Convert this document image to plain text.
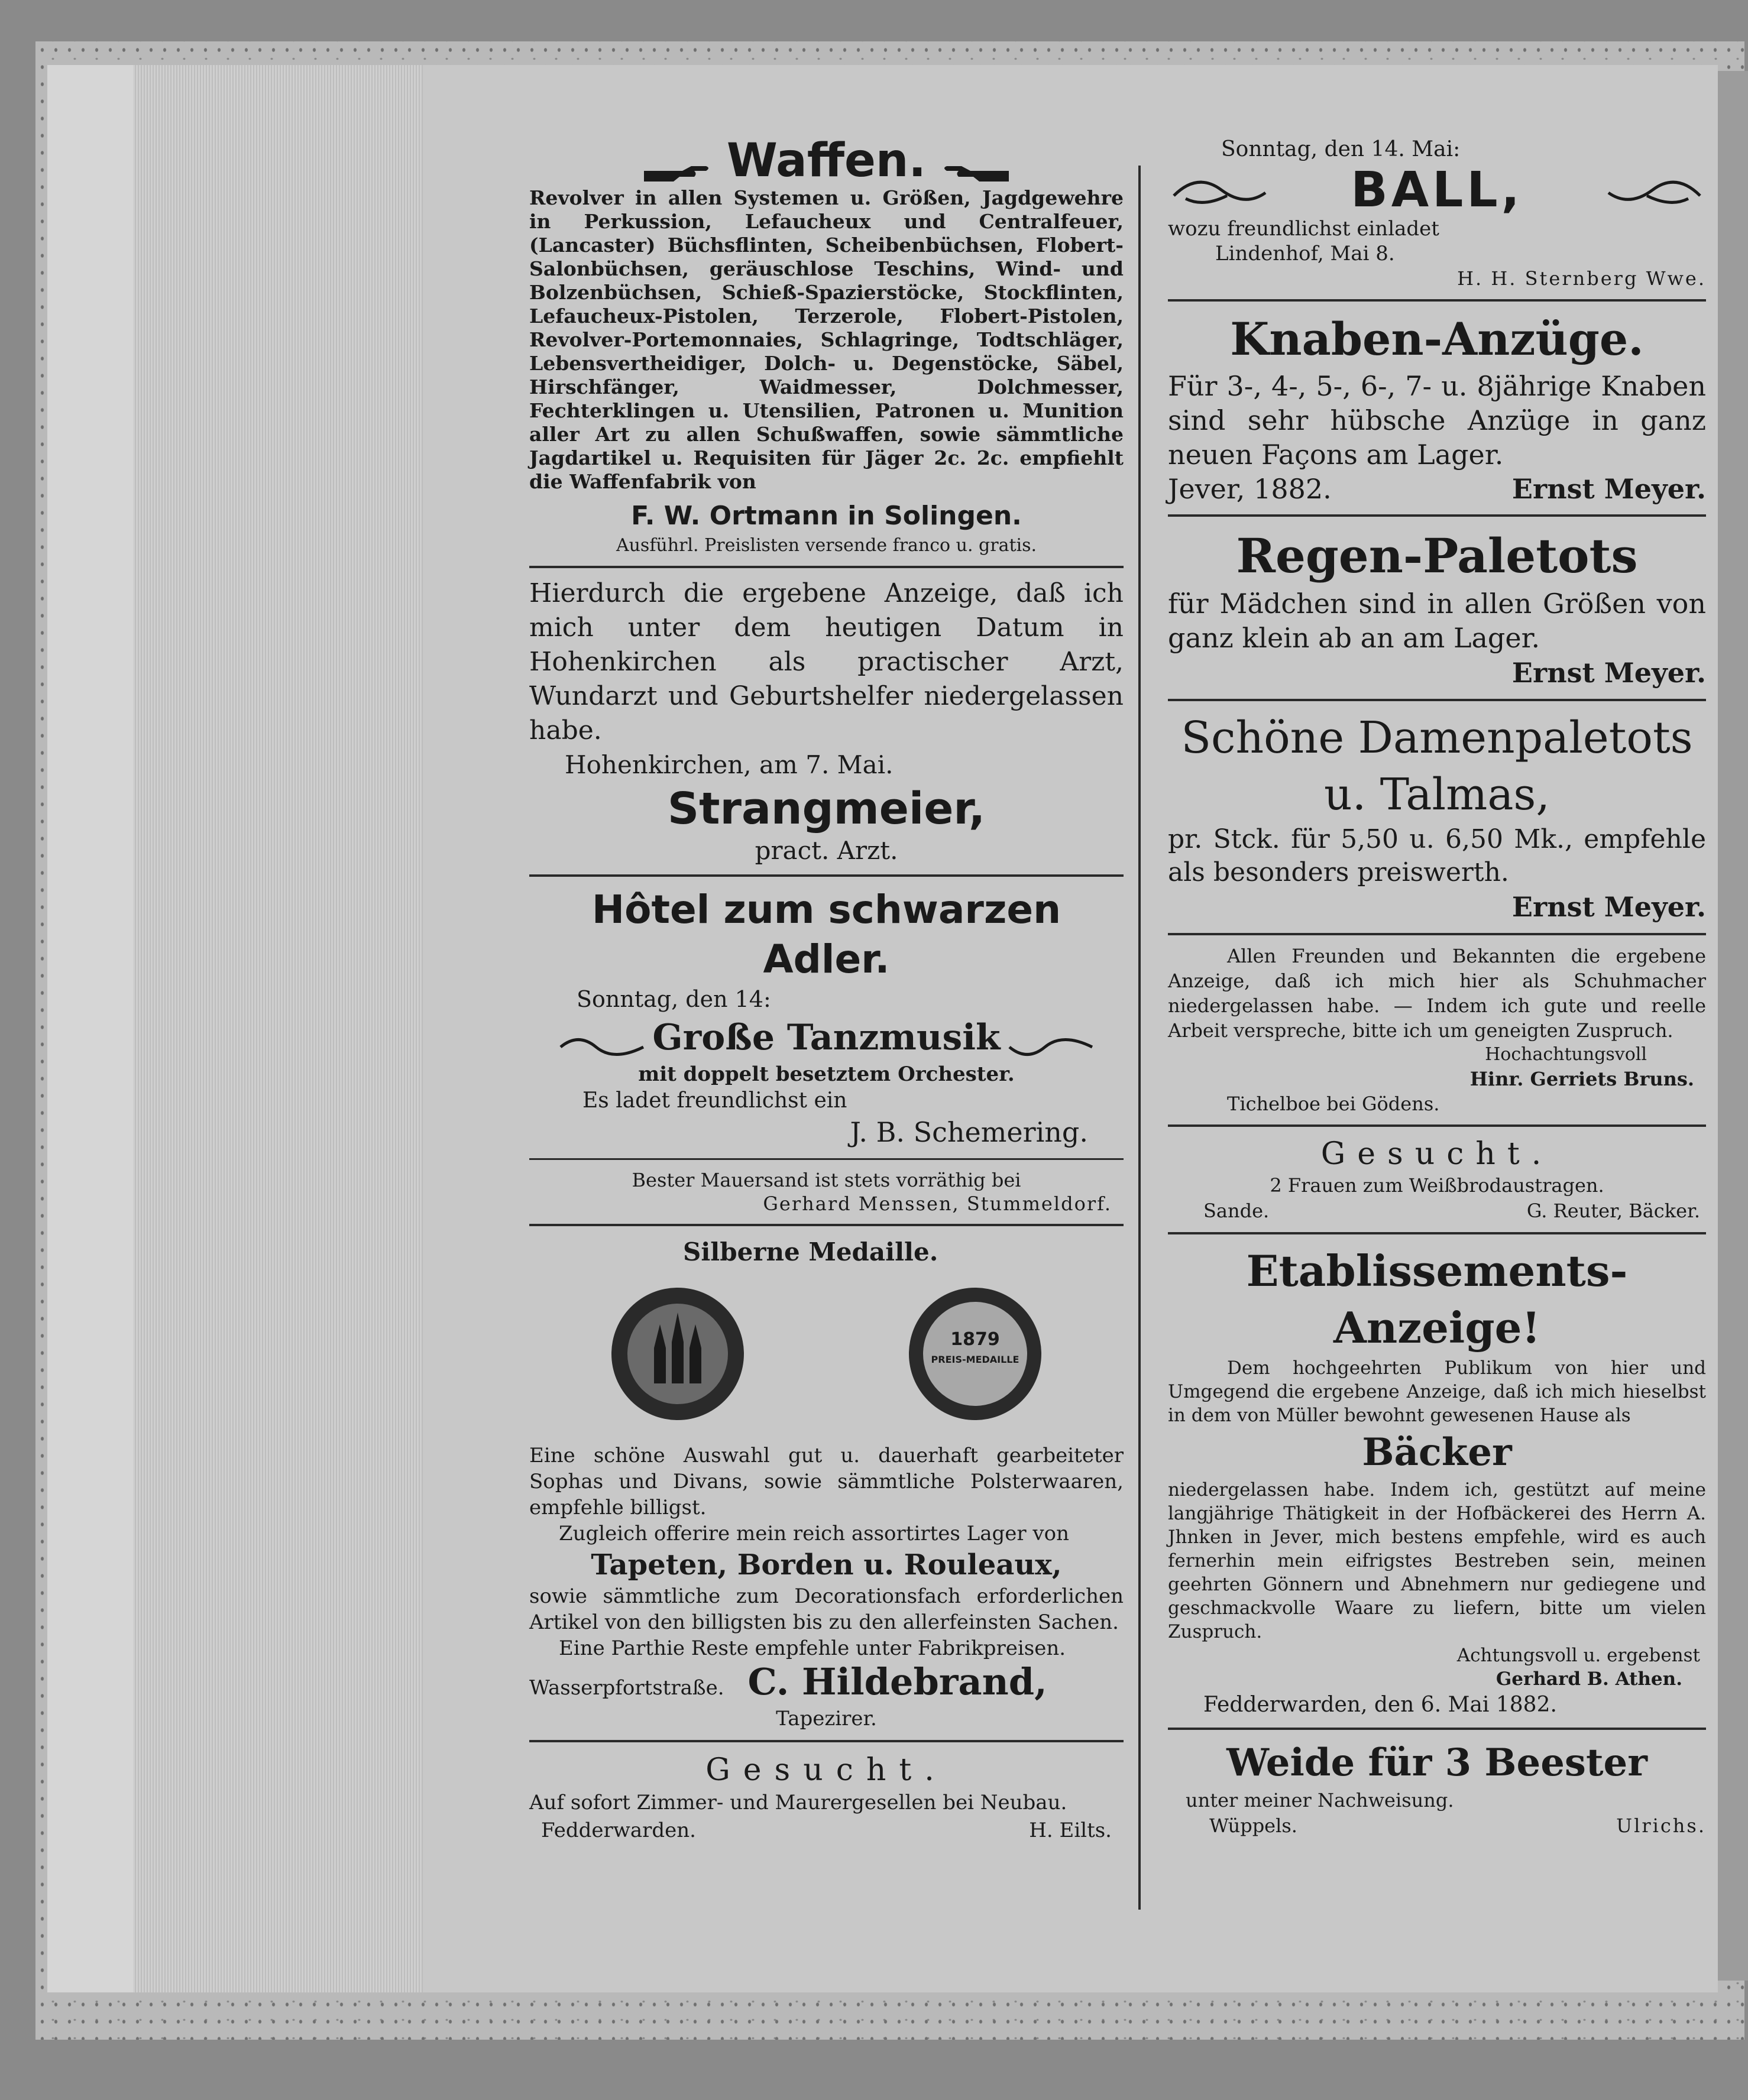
Waffen.

Revolver in allen Systemen u. Größen, Jagdgewehre in Perkussion, Lefaucheux und Centralfeuer, (Lancaster) Büchsflinten, Scheibenbüchsen, Flobert-Salonbüchsen, geräuschlose Teschins, Wind- und Bolzenbüchsen, Schieß-Spazierstöcke, Stockflinten, Lefaucheux-Pistolen, Terzerole, Flobert-Pistolen, Revolver-Portemonnaies, Schlagringe, Todtschläger, Lebensvertheidiger, Dolch- u. Degenstöcke, Säbel, Hirschfänger, Waidmesser, Dolchmesser, Fechterklingen u. Utensilien, Patronen u. Munition aller Art zu allen Schußwaffen, sowie sämmtliche Jagdartikel u. Requisiten für Jäger 2c. 2c. empfiehlt die Waffenfabrik von

F. W. Ortmann in Solingen.

Ausführl. Preislisten versende franco u. gratis.

Hierdurch die ergebene Anzeige, daß ich mich unter dem heutigen Datum in Hohenkirchen als practischer Arzt, Wundarzt und Geburtshelfer niedergelassen habe.

Hohenkirchen, am 7. Mai.

Strangmeier,

pract. Arzt.

Hôtel zum schwarzen Adler.

Sonntag, den 14:

Große Tanzmusik

mit doppelt besetztem Orchester.

Es ladet freundlichst ein

J. B. Schemering.

Bester Mauersand ist stets vorräthig bei

Gerhard Menssen, Stummeldorf.

Silberne Medaille.

1879
PREIS-MEDAILLE

Eine schöne Auswahl gut u. dauerhaft gearbeiteter Sophas und Divans, sowie sämmtliche Polsterwaaren, empfehle billigst.

Zugleich offerire mein reich assortirtes Lager von

Tapeten, Borden u. Rouleaux,

sowie sämmtliche zum Decorationsfach erforderlichen Artikel von den billigsten bis zu den allerfeinsten Sachen.

Eine Parthie Reste empfehle unter Fabrikpreisen.

Wasserpfortstraße. C. Hildebrand,

Tapezirer.

Gesucht.

Auf sofort Zimmer- und Maurergesellen bei Neubau.

Fedderwarden.	H. Eilts.

Sonntag, den 14. Mai:

BALL,

wozu freundlichst einladet

Lindenhof, Mai 8.

H. H. Sternberg Wwe.

Knaben-Anzüge.

Für 3-, 4-, 5-, 6-, 7- u. 8jährige Knaben sind sehr hübsche Anzüge in ganz neuen Façons am Lager.

Jever, 1882.	Ernst Meyer.

Regen-Paletots

für Mädchen sind in allen Größen von ganz klein ab an am Lager.

Ernst Meyer.

Schöne Damenpaletots

u. Talmas,

pr. Stck. für 5,50 u. 6,50 Mk., empfehle als besonders preiswerth.

Ernst Meyer.

Allen Freunden und Bekannten die ergebene Anzeige, daß ich mich hier als Schuhmacher niedergelassen habe. — Indem ich gute und reelle Arbeit verspreche, bitte ich um geneigten Zuspruch.

Hochachtungsvoll

Hinr. Gerriets Bruns.

Tichelboe bei Gödens.

Gesucht.

2 Frauen zum Weißbrodaustragen.

Sande.	G. Reuter, Bäcker.

Etablissements-Anzeige!

Dem hochgeehrten Publikum von hier und Umgegend die ergebene Anzeige, daß ich mich hieselbst in dem von Müller bewohnt gewesenen Hause als

Bäcker

niedergelassen habe. Indem ich, gestützt auf meine langjährige Thätigkeit in der Hofbäckerei des Herrn A. Jhnken in Jever, mich bestens empfehle, wird es auch fernerhin mein eifrigstes Bestreben sein, meinen geehrten Gönnern und Abnehmern nur gediegene und geschmackvolle Waare zu liefern, bitte um vielen Zuspruch.

Achtungsvoll u. ergebenst

Gerhard B. Athen.

Fedderwarden, den 6. Mai 1882.

Weide für 3 Beester

unter meiner Nachweisung.

Wüppels.	Ulrichs.
